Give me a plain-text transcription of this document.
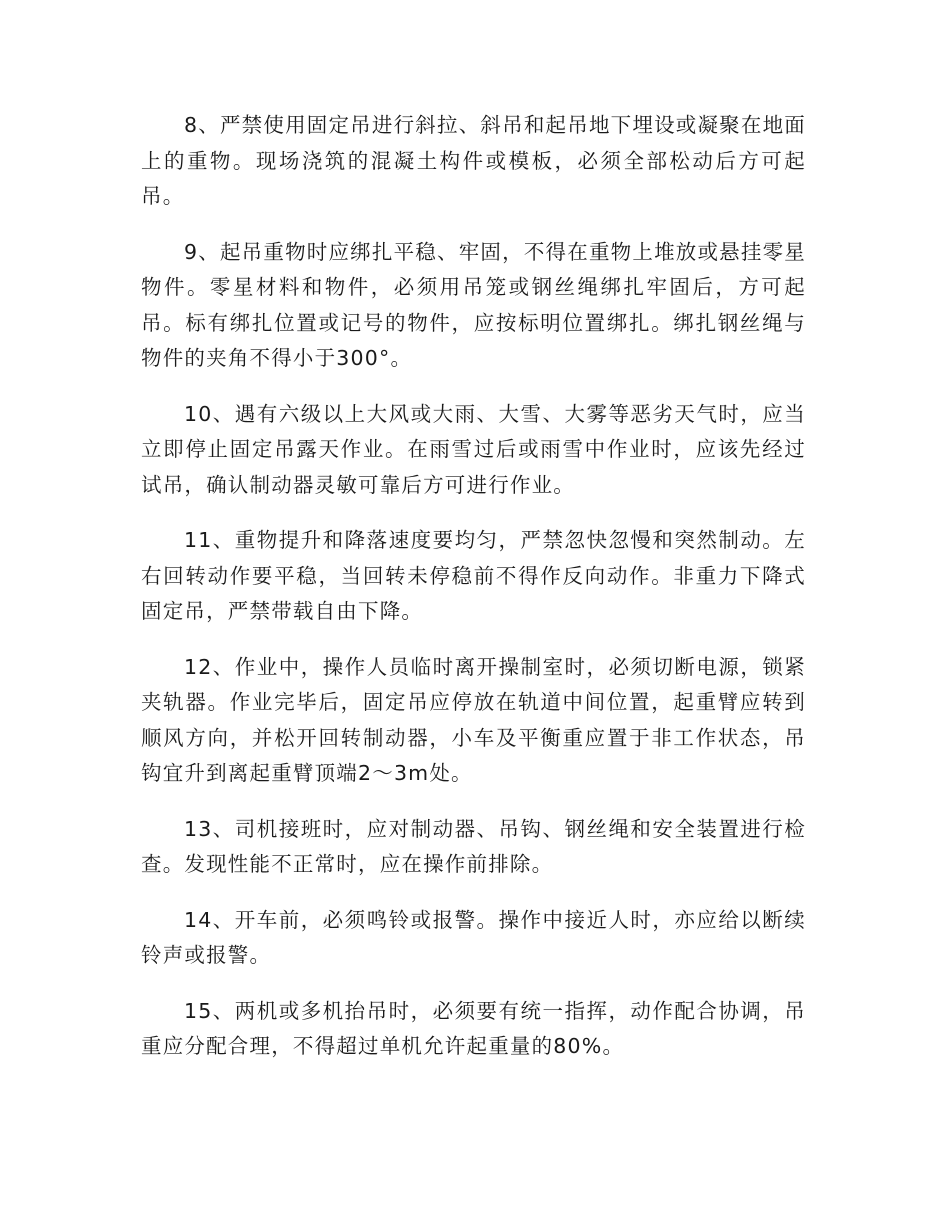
8、严禁使用固定吊进行斜拉、斜吊和起吊地下埋设或凝聚在地面上的重物。现场浇筑的混凝土构件或模板，必须全部松动后方可起吊。

9、起吊重物时应绑扎平稳、牢固，不得在重物上堆放或悬挂零星物件。零星材料和物件，必须用吊笼或钢丝绳绑扎牢固后，方可起吊。标有绑扎位置或记号的物件，应按标明位置绑扎。绑扎钢丝绳与物件的夹角不得小于300°。

10、遇有六级以上大风或大雨、大雪、大雾等恶劣天气时，应当立即停止固定吊露天作业。在雨雪过后或雨雪中作业时，应该先经过试吊，确认制动器灵敏可靠后方可进行作业。

11、重物提升和降落速度要均匀，严禁忽快忽慢和突然制动。左右回转动作要平稳，当回转未停稳前不得作反向动作。非重力下降式固定吊，严禁带载自由下降。

12、作业中，操作人员临时离开操制室时，必须切断电源，锁紧夹轨器。作业完毕后，固定吊应停放在轨道中间位置，起重臂应转到顺风方向，并松开回转制动器，小车及平衡重应置于非工作状态，吊钩宜升到离起重臂顶端2～3m处。

13、司机接班时，应对制动器、吊钩、钢丝绳和安全装置进行检查。发现性能不正常时，应在操作前排除。

14、开车前，必须鸣铃或报警。操作中接近人时，亦应给以断续铃声或报警。

15、两机或多机抬吊时，必须要有统一指挥，动作配合协调，吊重应分配合理，不得超过单机允许起重量的80%。
